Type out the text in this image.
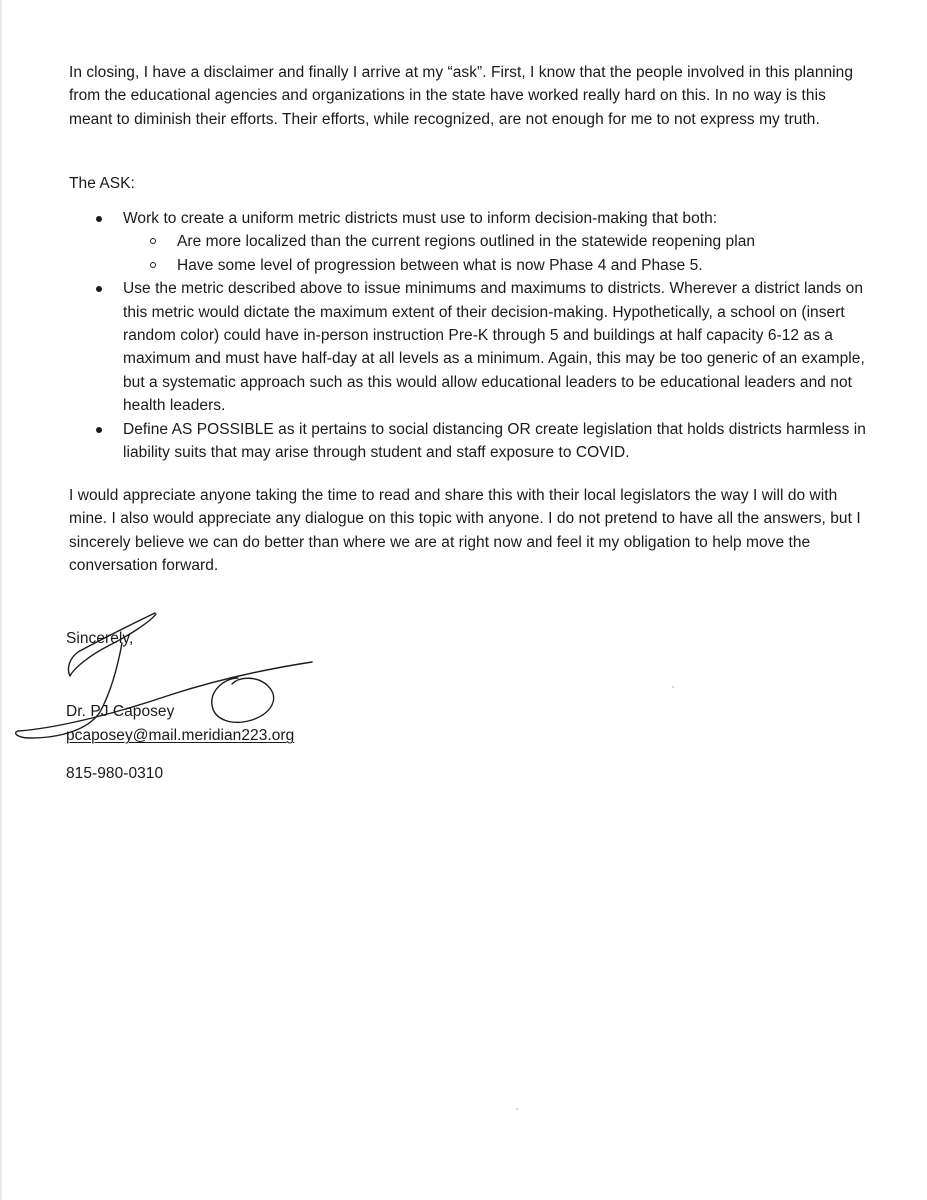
In closing, I have a disclaimer and finally I arrive at my “ask”. First, I know that the people involved in this planning from the educational agencies and organizations in the state have worked really hard on this. In no way is this meant to diminish their efforts. Their efforts, while recognized, are not enough for me to not express my truth.

The ASK:

Work to create a uniform metric districts must use to inform decision-making that both:
Are more localized than the current regions outlined in the statewide reopening plan
Have some level of progression between what is now Phase 4 and Phase 5.
Use the metric described above to issue minimums and maximums to districts. Wherever a district lands on this metric would dictate the maximum extent of their decision-making. Hypothetically, a school on (insert random color) could have in-person instruction Pre-K through 5 and buildings at half capacity 6-12 as a maximum and must have half-day at all levels as a minimum. Again, this may be too generic of an example, but a systematic approach such as this would allow educational leaders to be educational leaders and not health leaders.
Define AS POSSIBLE as it pertains to social distancing OR create legislation that holds districts harmless in liability suits that may arise through student and staff exposure to COVID.

I would appreciate anyone taking the time to read and share this with their local legislators the way I will do with mine. I also would appreciate any dialogue on this topic with anyone. I do not pretend to have all the answers, but I sincerely believe we can do better than where we are at right now and feel it my obligation to help move the conversation forward.

Sincerely,
Dr. PJ Caposey
pcaposey@mail.meridian223.org
815-980-0310
